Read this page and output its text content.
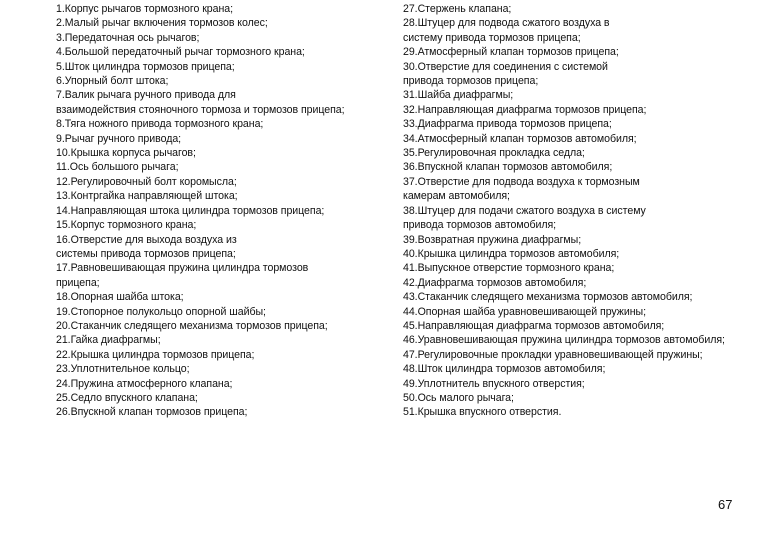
1.Корпус рычагов тормозного крана;
2.Малый рычаг включения тормозов колес;
3.Передаточная ось рычагов;
4.Большой передаточный рычаг тормозного крана;
5.Шток цилиндра тормозов прицепа;
6.Упорный болт штока;
7.Валик рычага ручного привода для
взаимодействия стояночного тормоза и тормозов прицепа;
8.Тяга ножного привода тормозного крана;
9.Рычаг ручного привода;
10.Крышка корпуса рычагов;
11.Ось большого рычага;
12.Регулировочный болт коромысла;
13.Контргайка направляющей штока;
14.Направляющая штока цилиндра тормозов прицепа;
15.Корпус тормозного крана;
16.Отверстие для выхода воздуха из
системы привода тормозов прицепа;
17.Равновешивающая пружина цилиндра тормозов
прицепа;
18.Опорная шайба штока;
19.Стопорное полукольцо опорной шайбы;
20.Стаканчик следящего механизма тормозов прицепа;
21.Гайка диафрагмы;
22.Крышка цилиндра тормозов прицепа;
23.Уплотнительное кольцо;
24.Пружина атмосферного клапана;
25.Седло впускного клапана;
26.Впускной клапан тормозов прицепа;
27.Стержень клапана;
28.Штуцер для подвода сжатого воздуха в
систему привода тормозов прицепа;
29.Атмосферный клапан тормозов прицепа;
30.Отверстие для соединения с системой
привода тормозов прицепа;
31.Шайба диафрагмы;
32.Направляющая диафрагма тормозов прицепа;
33.Диафрагма привода тормозов прицепа;
34.Атмосферный клапан тормозов автомобиля;
35.Регулировочная прокладка седла;
36.Впускной клапан тормозов автомобиля;
37.Отверстие для подвода воздуха к тормозным
камерам автомобиля;
38.Штуцер для подачи сжатого воздуха в систему
привода тормозов автомобиля;
39.Возвратная пружина диафрагмы;
40.Крышка цилиндра тормозов автомобиля;
41.Выпускное отверстие тормозного крана;
42.Диафрагма тормозов автомобиля;
43.Стаканчик следящего механизма тормозов автомобиля;
44.Опорная шайба уравновешивающей пружины;
45.Направляющая диафрагма тормозов автомобиля;
46.Уравновешивающая пружина цилиндра тормозов автомобиля;
47.Регулировочные прокладки уравновешивающей пружины;
48.Шток цилиндра тормозов автомобиля;
49.Уплотнитель впускного отверстия;
50.Ось малого рычага;
51.Крышка впускного отверстия.
67
